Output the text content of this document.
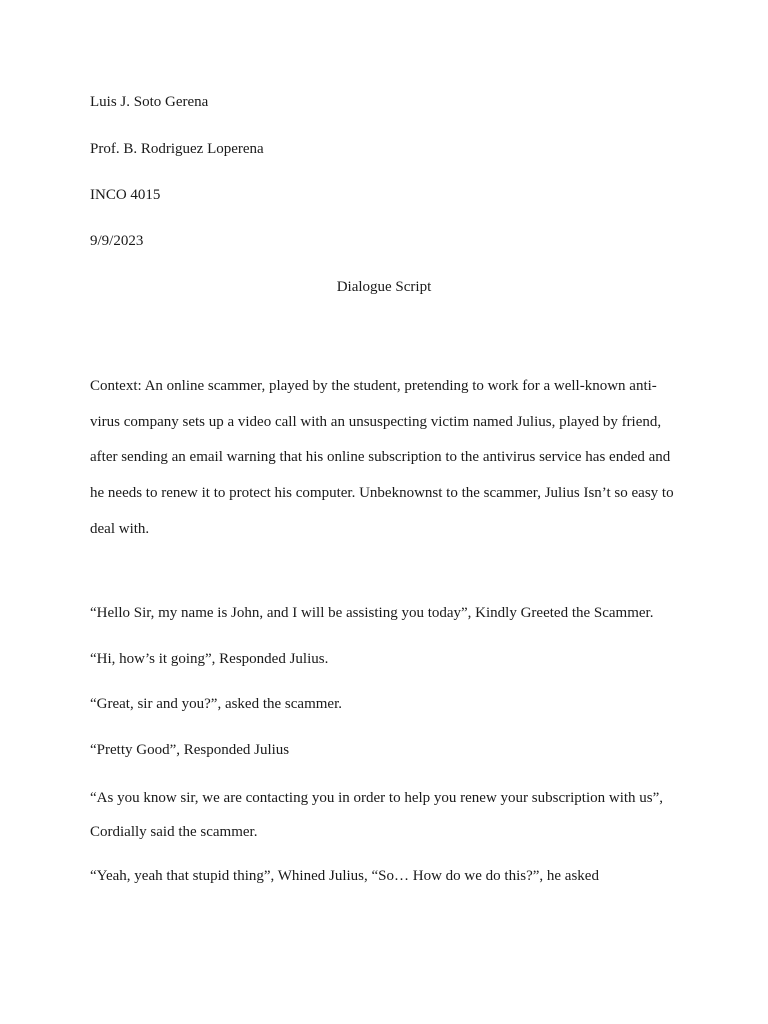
Luis J. Soto Gerena

Prof. B. Rodriguez Loperena

INCO 4015

9/9/2023

Dialogue Script

Context: An online scammer, played by the student, pretending to work for a well-known anti-virus company sets up a video call with an unsuspecting victim named Julius, played by friend, after sending an email warning that his online subscription to the antivirus service has ended and he needs to renew it to protect his computer. Unbeknownst to the scammer, Julius Isn’t so easy to deal with.

“Hello Sir, my name is John, and I will be assisting you today”, Kindly Greeted the Scammer.

“Hi, how’s it going”, Responded Julius.

“Great, sir and you?”, asked the scammer.

“Pretty Good”, Responded Julius

“As you know sir, we are contacting you in order to help you renew your subscription with us”, Cordially said the scammer.

“Yeah, yeah that stupid thing”, Whined Julius, “So… How do we do this?”, he asked
